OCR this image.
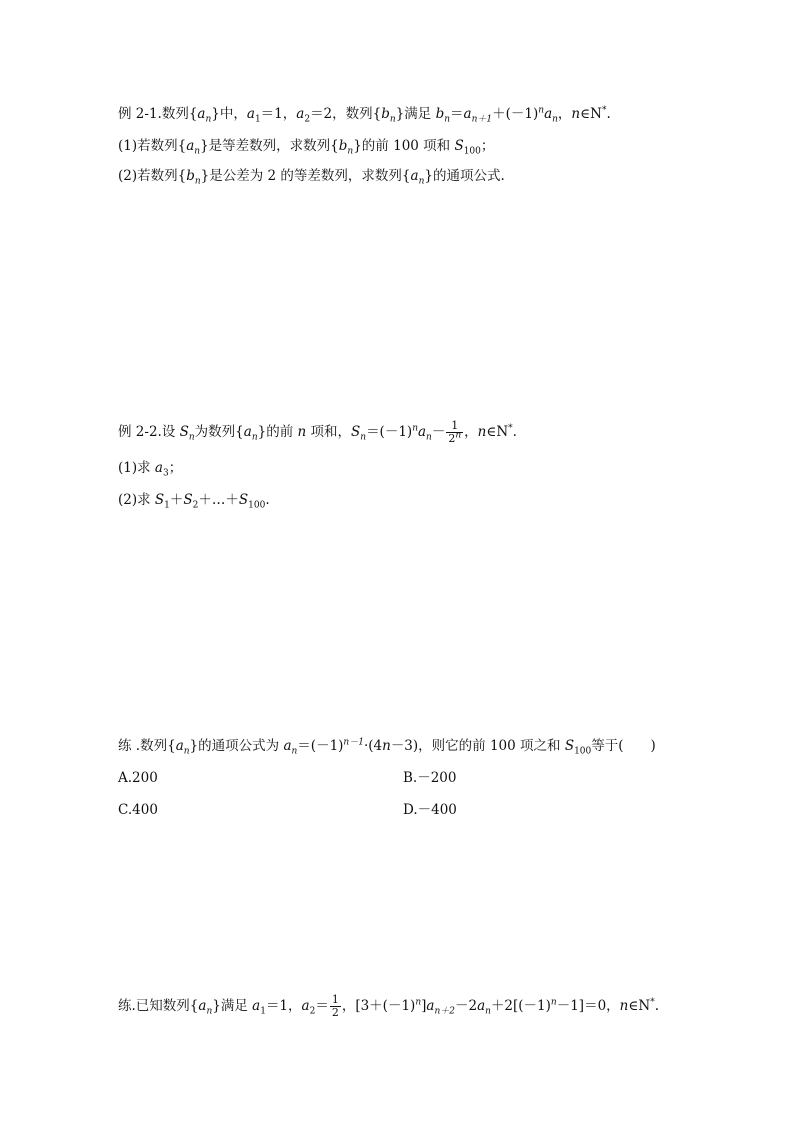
例 2-1.数列$\{a_n\}$中，$a_1=1$，$a_2=2$，数列$\{b_n\}$满足 $b_n=a_{n+1}+(-1)^na_n$，n∈N*.
(1)若数列$\{a_n\}$是等差数列，求数列$\{b_n\}$的前 100 项和 $S_{100}$；
(2)若数列$\{b_n\}$是公差为 2 的等差数列，求数列$\{a_n\}$的通项公式.
例 2-2.设 $S_n$为数列$\{a_n\}$的前 n 项和，$S_n=(-1)^na_n- \frac{1}{2^n}$ ，n∈N*.
(1)求 $a_3$；
(2)求 $S_1+S_2+\dots+S_{100}$.
练 .数列$\{a_n\}$的通项公式为 $a_n=(-1)^{n-1}\cdot(4n-3)$，则它的前 100 项之和 $S_{100}$等于(　　)
A.200	B.－200
C.400	D.－400
练.已知数列$\{a_n\}$满足 $a_1=1$，$a_2= \frac{1}{2}$ ，$[3+(-1)^n]a_{n+2}-2a_n+2[(-1)^n-1]=0$，n∈N*.
